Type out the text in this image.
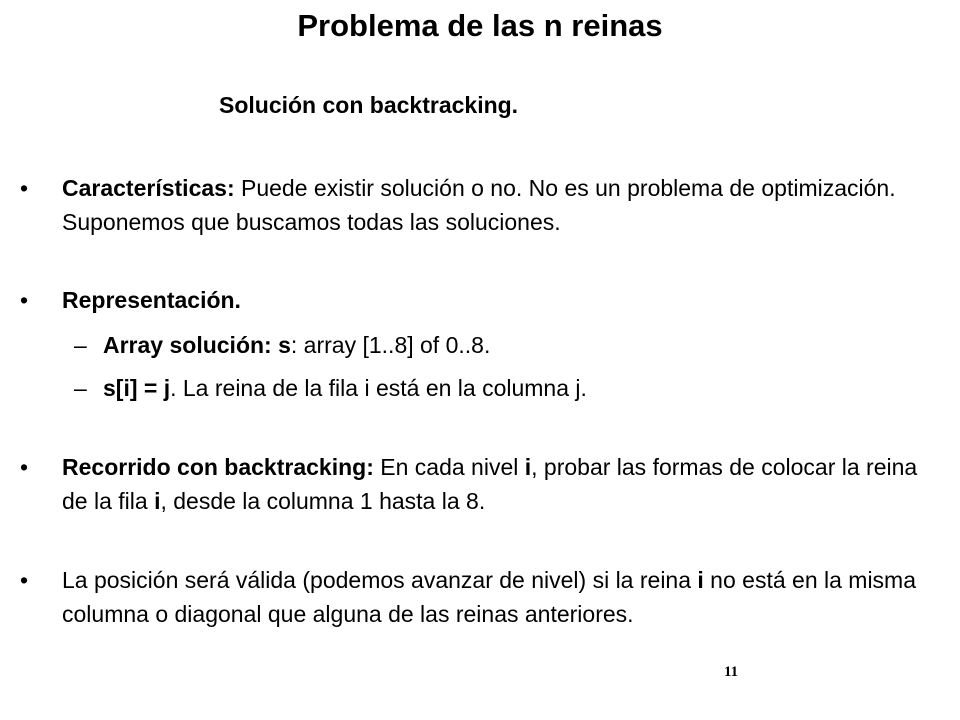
Problema de las n reinas
Solución con backtracking.
• Características: Puede existir solución o no. No es un problema de optimización. Suponemos que buscamos todas las soluciones.
• Representación.
– Array solución: s: array [1..8] of 0..8.
– s[i] = j. La reina de la fila i está en la columna j.
• Recorrido con backtracking: En cada nivel i, probar las formas de colocar la reina de la fila i, desde la columna 1 hasta la 8.
• La posición será válida (podemos avanzar de nivel) si la reina i no está en la misma columna o diagonal que alguna de las reinas anteriores.
11
